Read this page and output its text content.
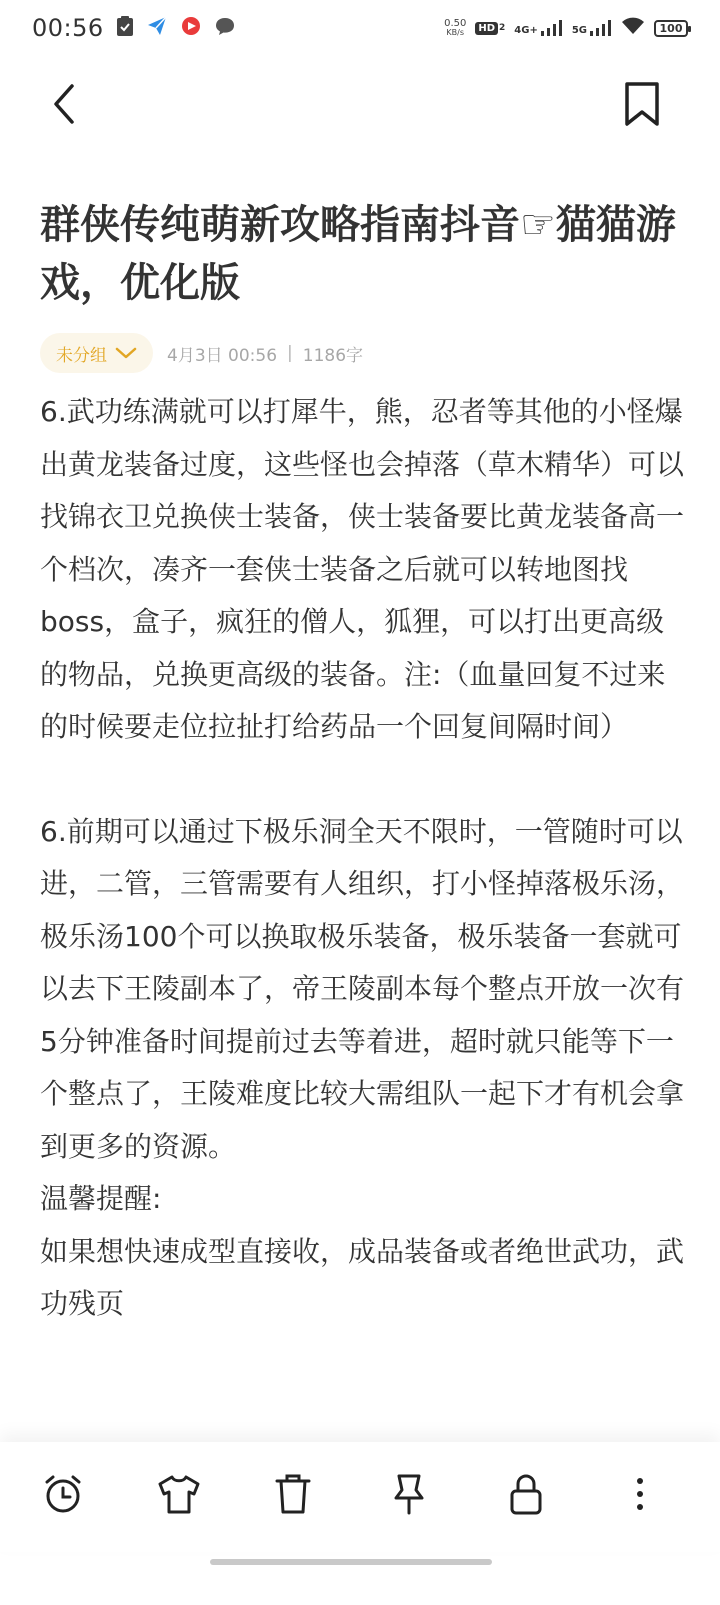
00:56	0.50
KB/s	HD 2 4G+	5G	100
群侠传纯萌新攻略指南抖音☞猫猫游戏，优化版
未分组	4月3日 00:56 | 1186字

6.武功练满就可以打犀牛，熊，忍者等其他的小怪爆出黄龙装备过度，这些怪也会掉落（草木精华）可以找锦衣卫兑换侠士装备，侠士装备要比黄龙装备高一个档次，凑齐一套侠士装备之后就可以转地图找boss，盒子，疯狂的僧人，狐狸，可以打出更高级的物品，兑换更高级的装备。注:（血量回复不过来的时候要走位拉扯打给药品一个回复间隔时间）

6.前期可以通过下极乐洞全天不限时，一管随时可以进，二管，三管需要有人组织，打小怪掉落极乐汤，极乐汤100个可以换取极乐装备，极乐装备一套就可以去下王陵副本了，帝王陵副本每个整点开放一次有5分钟准备时间提前过去等着进，超时就只能等下一个整点了，王陵难度比较大需组队一起下才有机会拿到更多的资源。

温馨提醒:

如果想快速成型直接收，成品装备或者绝世武功，武功残页
